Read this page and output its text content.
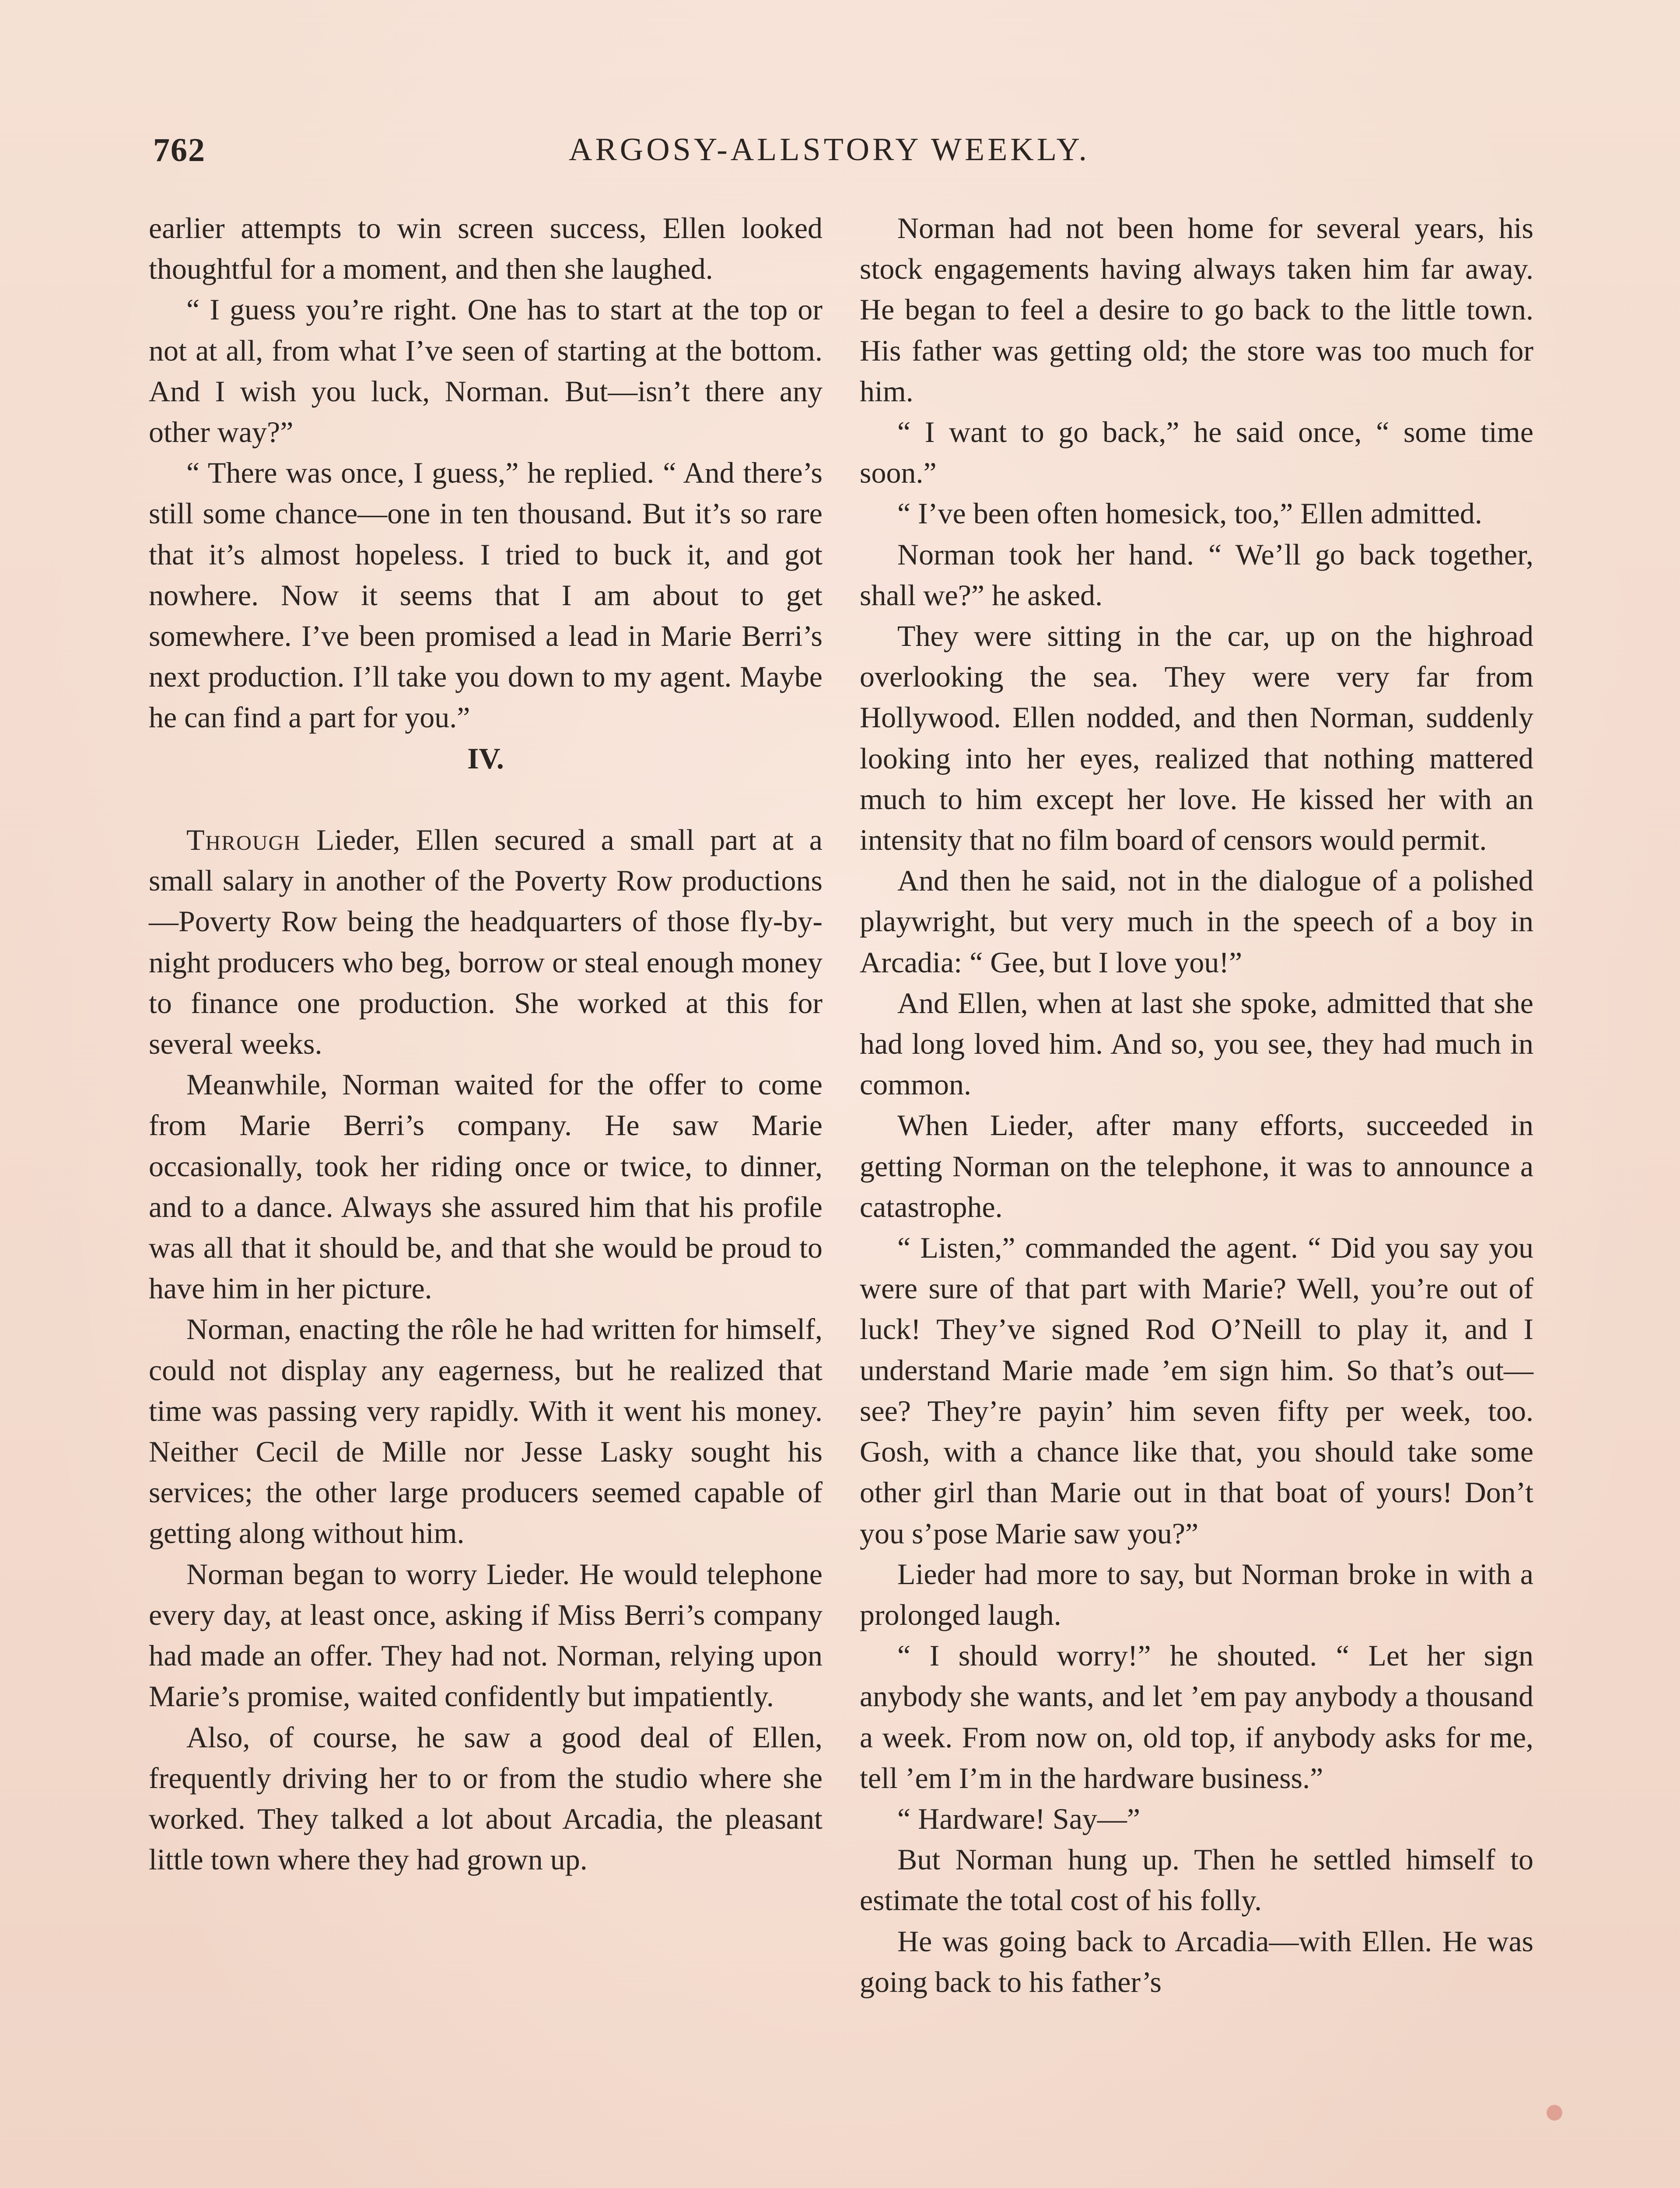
762	ARGOSY-ALLSTORY WEEKLY.

earlier attempts to win screen success, Ellen looked thoughtful for a moment, and then she laughed.

“ I guess you’re right. One has to start at the top or not at all, from what I’ve seen of starting at the bottom. And I wish you luck, Norman. But—isn’t there any other way?”

“ There was once, I guess,” he replied. “ And there’s still some chance—one in ten thousand. But it’s so rare that it’s almost hopeless. I tried to buck it, and got nowhere. Now it seems that I am about to get somewhere. I’ve been promised a lead in Marie Berri’s next production. I’ll take you down to my agent. Maybe he can find a part for you.”

IV.

Through Lieder, Ellen secured a small part at a small salary in another of the Poverty Row productions—Poverty Row being the headquarters of those fly-by-night producers who beg, borrow or steal enough money to finance one production. She worked at this for several weeks.

Meanwhile, Norman waited for the offer to come from Marie Berri’s company. He saw Marie occasionally, took her riding once or twice, to dinner, and to a dance. Always she assured him that his profile was all that it should be, and that she would be proud to have him in her picture.

Norman, enacting the rôle he had written for himself, could not display any eagerness, but he realized that time was passing very rapidly. With it went his money. Neither Cecil de Mille nor Jesse Lasky sought his services; the other large producers seemed capable of getting along without him.

Norman began to worry Lieder. He would telephone every day, at least once, asking if Miss Berri’s company had made an offer. They had not. Norman, relying upon Marie’s promise, waited confidently but impatiently.

Also, of course, he saw a good deal of Ellen, frequently driving her to or from the studio where she worked. They talked a lot about Arcadia, the pleasant little town where they had grown up.

Norman had not been home for several years, his stock engagements having always taken him far away. He began to feel a desire to go back to the little town. His father was getting old; the store was too much for him.

“ I want to go back,” he said once, “ some time soon.”

“ I’ve been often homesick, too,” Ellen admitted.

Norman took her hand. “ We’ll go back together, shall we?” he asked.

They were sitting in the car, up on the highroad overlooking the sea. They were very far from Hollywood. Ellen nodded, and then Norman, suddenly looking into her eyes, realized that nothing mattered much to him except her love. He kissed her with an intensity that no film board of censors would permit.

And then he said, not in the dialogue of a polished playwright, but very much in the speech of a boy in Arcadia: “ Gee, but I love you!”

And Ellen, when at last she spoke, admitted that she had long loved him. And so, you see, they had much in common.

When Lieder, after many efforts, succeeded in getting Norman on the telephone, it was to announce a catastrophe.

“ Listen,” commanded the agent. “ Did you say you were sure of that part with Marie? Well, you’re out of luck! They’ve signed Rod O’Neill to play it, and I understand Marie made ’em sign him. So that’s out—see? They’re payin’ him seven fifty per week, too. Gosh, with a chance like that, you should take some other girl than Marie out in that boat of yours! Don’t you s’pose Marie saw you?”

Lieder had more to say, but Norman broke in with a prolonged laugh.

“ I should worry!” he shouted. “ Let her sign anybody she wants, and let ’em pay anybody a thousand a week. From now on, old top, if anybody asks for me, tell ’em I’m in the hardware business.”

“ Hardware! Say—”

But Norman hung up. Then he settled himself to estimate the total cost of his folly.

He was going back to Arcadia—with Ellen. He was going back to his father’s
